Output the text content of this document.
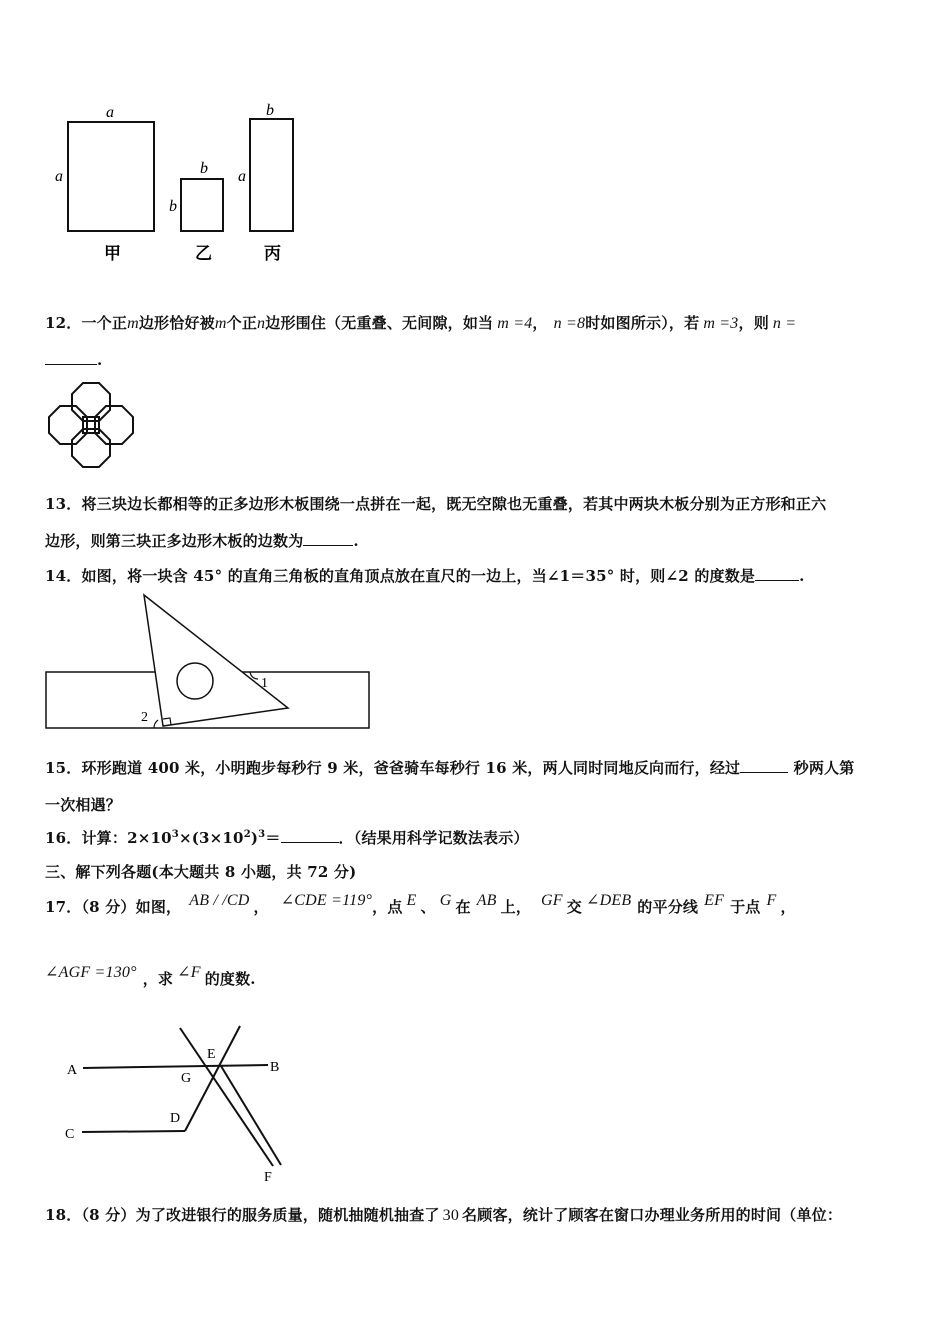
a
a	b
b
b
a
甲	乙	丙
12．一个正m边形恰好被m个正n边形围住（无重叠、无间隙，如当 m =4， n =8时如图所示），若 m =3，则 n =
.
13．将三块边长都相等的正多边形木板围绕一点拼在一起，既无空隙也无重叠，若其中两块木板分别为正方形和正六
边形，则第三块正多边形木板的边数为	.
14．如图，将一块含 45° 的直角三角板的直角顶点放在直尺的一边上，当∠1＝35° 时，则∠2 的度数是	.
1
2
15．环形跑道 400 米，小明跑步每秒行 9 米，爸爸骑车每秒行 16 米，两人同时同地反向而行，经过	秒两人第
一次相遇？
16．计算：$2\times 10^3\times(3\times 10^2)^3=$	．（结果用科学记数法表示）
三、解下列各题(本大题共 8 小题，共 72 分)
17．（8 分）如图， AB / /CD ， ∠CDE =119°，点 E 、 G 在 AB 上， GF 交 ∠DEB 的平分线 EF 于点 F ，
∠AGF =130° ，求 ∠F 的度数.
A	B
C
D
E
G
F
18．（8 分）为了改进银行的服务质量，随机抽随机抽查了 30 名顾客，统计了顾客在窗口办理业务所用的时间（单位：
